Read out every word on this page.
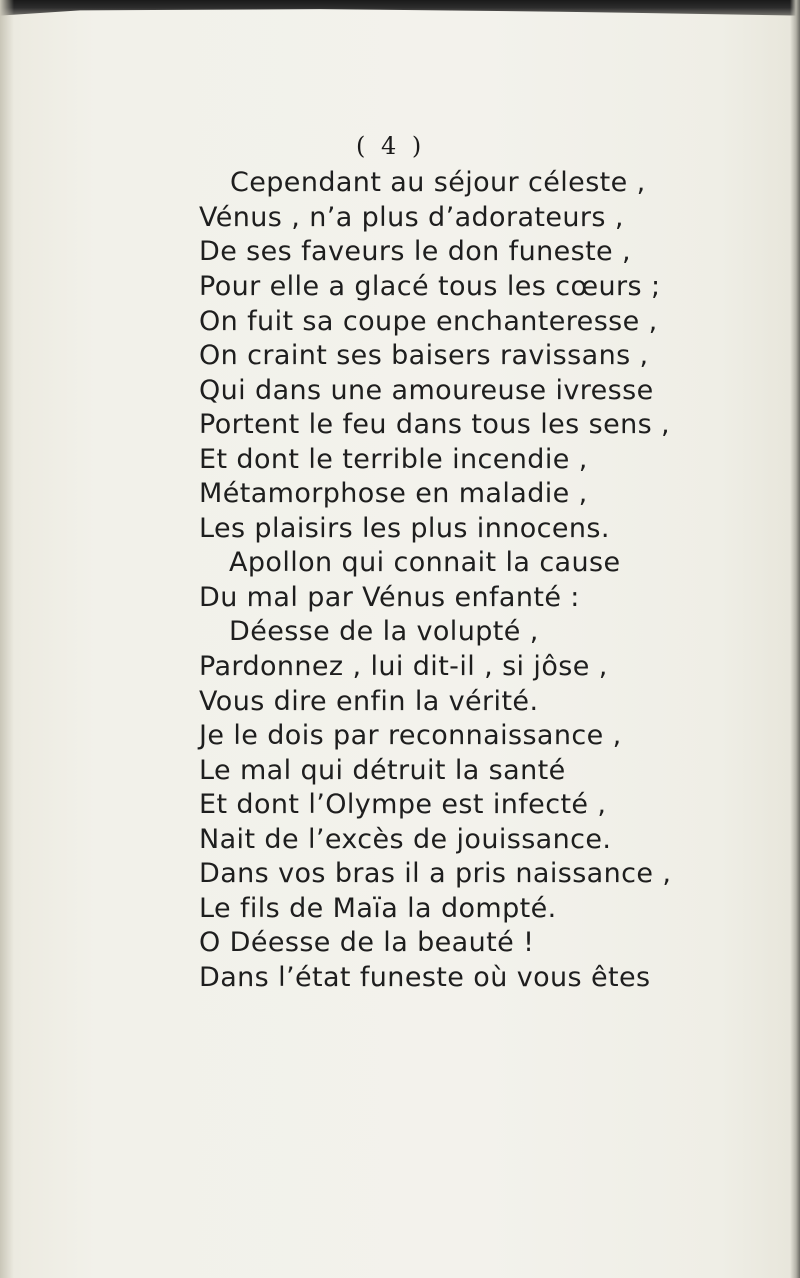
( 4 )
Cependant au séjour céleste ,
Vénus , n’a plus d’adorateurs ,
De ses faveurs le don funeste ,
Pour elle a glacé tous les cœurs ;
On fuit sa coupe enchanteresse ,
On craint ses baisers ravissans ,
Qui dans une amoureuse ivresse
Portent le feu dans tous les sens ,
Et dont le terrible incendie ,
Métamorphose en maladie ,
Les plaisirs les plus innocens.
Apollon qui connait la cause
Du mal par Vénus enfanté :
Déesse de la volupté ,
Pardonnez , lui dit-il , si jôse ,
Vous dire enfin la vérité.
Je le dois par reconnaissance ,
Le mal qui détruit la santé
Et dont l’Olympe est infecté ,
Nait de l’excès de jouissance.
Dans vos bras il a pris naissance ,
Le fils de Maïa la dompté.
O Déesse de la beauté !
Dans l’état funeste où vous êtes
